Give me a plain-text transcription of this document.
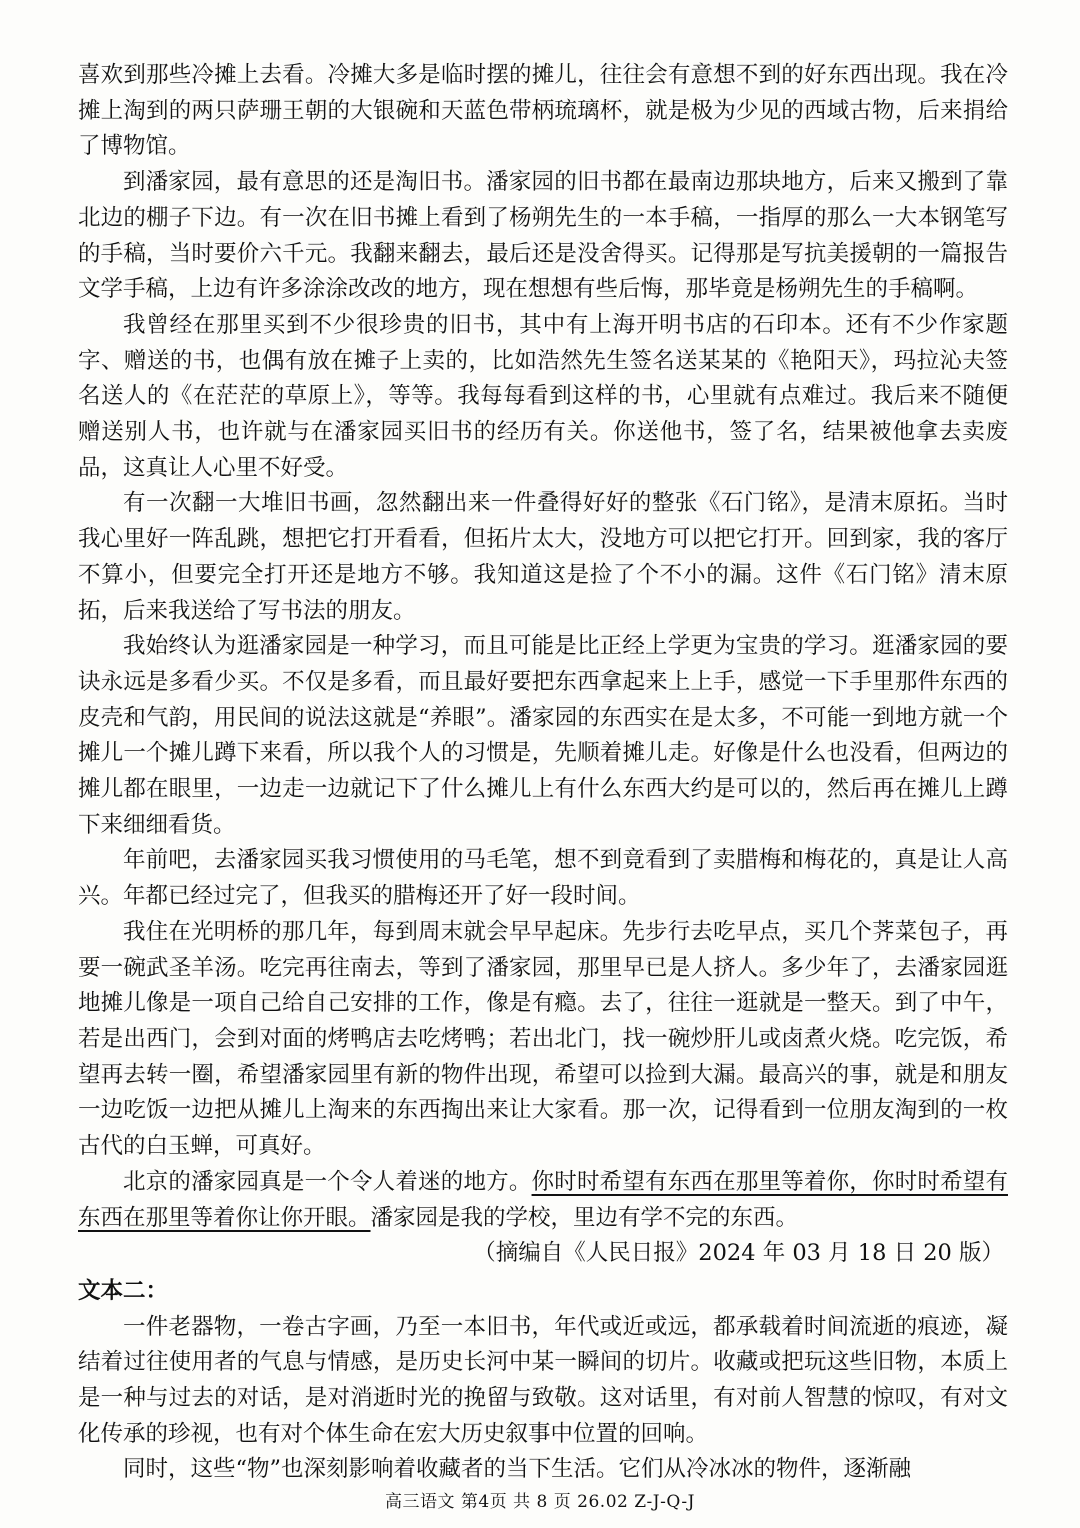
喜欢到那些冷摊上去看。冷摊大多是临时摆的摊儿，往往会有意想不到的好东西出现。我在冷摊上淘到的两只萨珊王朝的大银碗和天蓝色带柄琉璃杯，就是极为少见的西域古物，后来捐给了博物馆。

到潘家园，最有意思的还是淘旧书。潘家园的旧书都在最南边那块地方，后来又搬到了靠北边的棚子下边。有一次在旧书摊上看到了杨朔先生的一本手稿，一指厚的那么一大本钢笔写的手稿，当时要价六千元。我翻来翻去，最后还是没舍得买。记得那是写抗美援朝的一篇报告文学手稿，上边有许多涂涂改改的地方，现在想想有些后悔，那毕竟是杨朔先生的手稿啊。

我曾经在那里买到不少很珍贵的旧书，其中有上海开明书店的石印本。还有不少作家题字、赠送的书，也偶有放在摊子上卖的，比如浩然先生签名送某某的《艳阳天》，玛拉沁夫签名送人的《在茫茫的草原上》，等等。我每每看到这样的书，心里就有点难过。我后来不随便赠送别人书，也许就与在潘家园买旧书的经历有关。你送他书，签了名，结果被他拿去卖废品，这真让人心里不好受。

有一次翻一大堆旧书画，忽然翻出来一件叠得好好的整张《石门铭》，是清末原拓。当时我心里好一阵乱跳，想把它打开看看，但拓片太大，没地方可以把它打开。回到家，我的客厅不算小，但要完全打开还是地方不够。我知道这是捡了个不小的漏。这件《石门铭》清末原拓，后来我送给了写书法的朋友。

我始终认为逛潘家园是一种学习，而且可能是比正经上学更为宝贵的学习。逛潘家园的要诀永远是多看少买。不仅是多看，而且最好要把东西拿起来上上手，感觉一下手里那件东西的皮壳和气韵，用民间的说法这就是“养眼”。潘家园的东西实在是太多，不可能一到地方就一个摊儿一个摊儿蹲下来看，所以我个人的习惯是，先顺着摊儿走。好像是什么也没看，但两边的摊儿都在眼里，一边走一边就记下了什么摊儿上有什么东西大约是可以的，然后再在摊儿上蹲下来细细看货。

年前吧，去潘家园买我习惯使用的马毛笔，想不到竟看到了卖腊梅和梅花的，真是让人高兴。年都已经过完了，但我买的腊梅还开了好一段时间。

我住在光明桥的那几年，每到周末就会早早起床。先步行去吃早点，买几个荠菜包子，再要一碗武圣羊汤。吃完再往南去，等到了潘家园，那里早已是人挤人。多少年了，去潘家园逛地摊儿像是一项自己给自己安排的工作，像是有瘾。去了，往往一逛就是一整天。到了中午，若是出西门，会到对面的烤鸭店去吃烤鸭；若出北门，找一碗炒肝儿或卤煮火烧。吃完饭，希望再去转一圈，希望潘家园里有新的物件出现，希望可以捡到大漏。最高兴的事，就是和朋友一边吃饭一边把从摊儿上淘来的东西掏出来让大家看。那一次，记得看到一位朋友淘到的一枚古代的白玉蝉，可真好。

北京的潘家园真是一个令人着迷的地方。你时时希望有东西在那里等着你，你时时希望有东西在那里等着你让你开眼。潘家园是我的学校，里边有学不完的东西。

（摘编自《人民日报》2024 年 03 月 18 日 20 版）

文本二：

一件老器物，一卷古字画，乃至一本旧书，年代或近或远，都承载着时间流逝的痕迹，凝结着过往使用者的气息与情感，是历史长河中某一瞬间的切片。收藏或把玩这些旧物，本质上是一种与过去的对话，是对消逝时光的挽留与致敬。这对话里，有对前人智慧的惊叹，有对文化传承的珍视，也有对个体生命在宏大历史叙事中位置的回响。

同时，这些“物”也深刻影响着收藏者的当下生活。它们从冷冰冰的物件，逐渐融

高三语文 第4页 共 8 页 26.02 Z-J-Q-J
